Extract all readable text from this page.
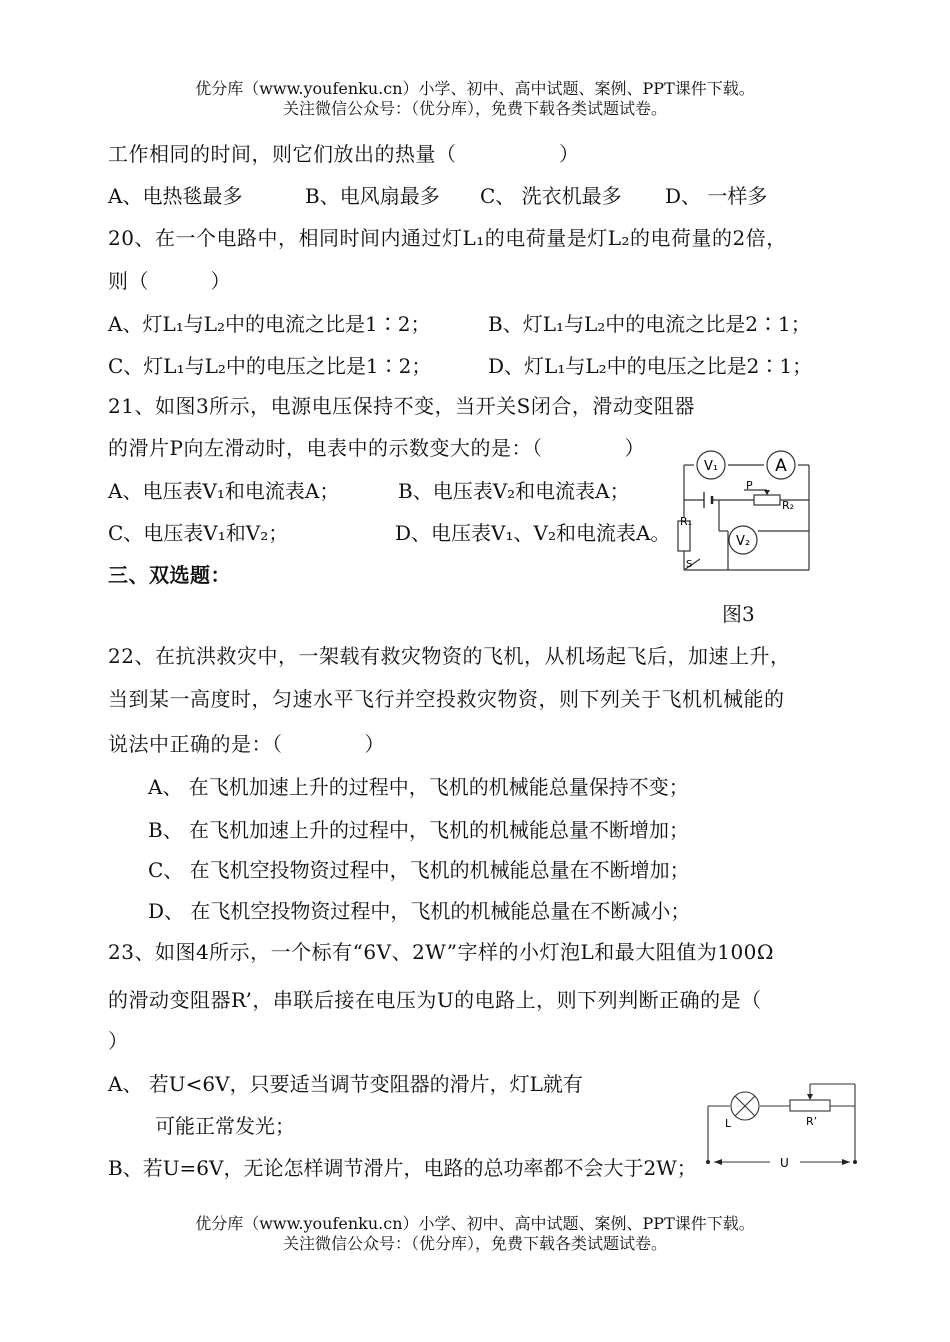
优分库（www.youfenku.cn）小学、初中、高中试题、案例、PPT课件下载。
关注微信公众号：（优分库），免费下载各类试题试卷。
工作相同的时间，则它们放出的热量（　　　　　）
A、电热毯最多	B、电风扇最多 C、 洗衣机最多 D、 一样多
20、在一个电路中，相同时间内通过灯L₁的电荷量是灯L₂的电荷量的2倍，
则（　　　）
A、灯L₁与L₂中的电流之比是1∶2；	B、灯L₁与L₂中的电流之比是2∶1；
C、灯L₁与L₂中的电压之比是1∶2；	D、灯L₁与L₂中的电压之比是2∶1；
21、如图3所示，电源电压保持不变，当开关S闭合，滑动变阻器
的滑片P向左滑动时，电表中的示数变大的是：（　　　　）
A、电压表V₁和电流表A；	B、电压表V₂和电流表A；
C、电压表V₁和V₂；	D、电压表V₁、V₂和电流表A。
V₁	A
V₂
P
R₂
R₁
S
三、双选题：
图3
22、在抗洪救灾中，一架载有救灾物资的飞机，从机场起飞后，加速上升，
当到某一高度时，匀速水平飞行并空投救灾物资，则下列关于飞机机械能的
说法中正确的是：（　　　　）
A、 在飞机加速上升的过程中，飞机的机械能总量保持不变；
B、 在飞机加速上升的过程中，飞机的机械能总量不断增加；
C、 在飞机空投物资过程中，飞机的机械能总量在不断增加；
D、 在飞机空投物资过程中，飞机的机械能总量在不断减小；
23、如图4所示，一个标有“6V、2W”字样的小灯泡L和最大阻值为100Ω
的滑动变阻器R’，串联后接在电压为U的电路上，则下列判断正确的是（
）
A、 若U<6V，只要适当调节变阻器的滑片，灯L就有
可能正常发光；
B、若U=6V，无论怎样调节滑片，电路的总功率都不会大于2W；
L	R’
U
优分库（www.youfenku.cn）小学、初中、高中试题、案例、PPT课件下载。
关注微信公众号：（优分库），免费下载各类试题试卷。
